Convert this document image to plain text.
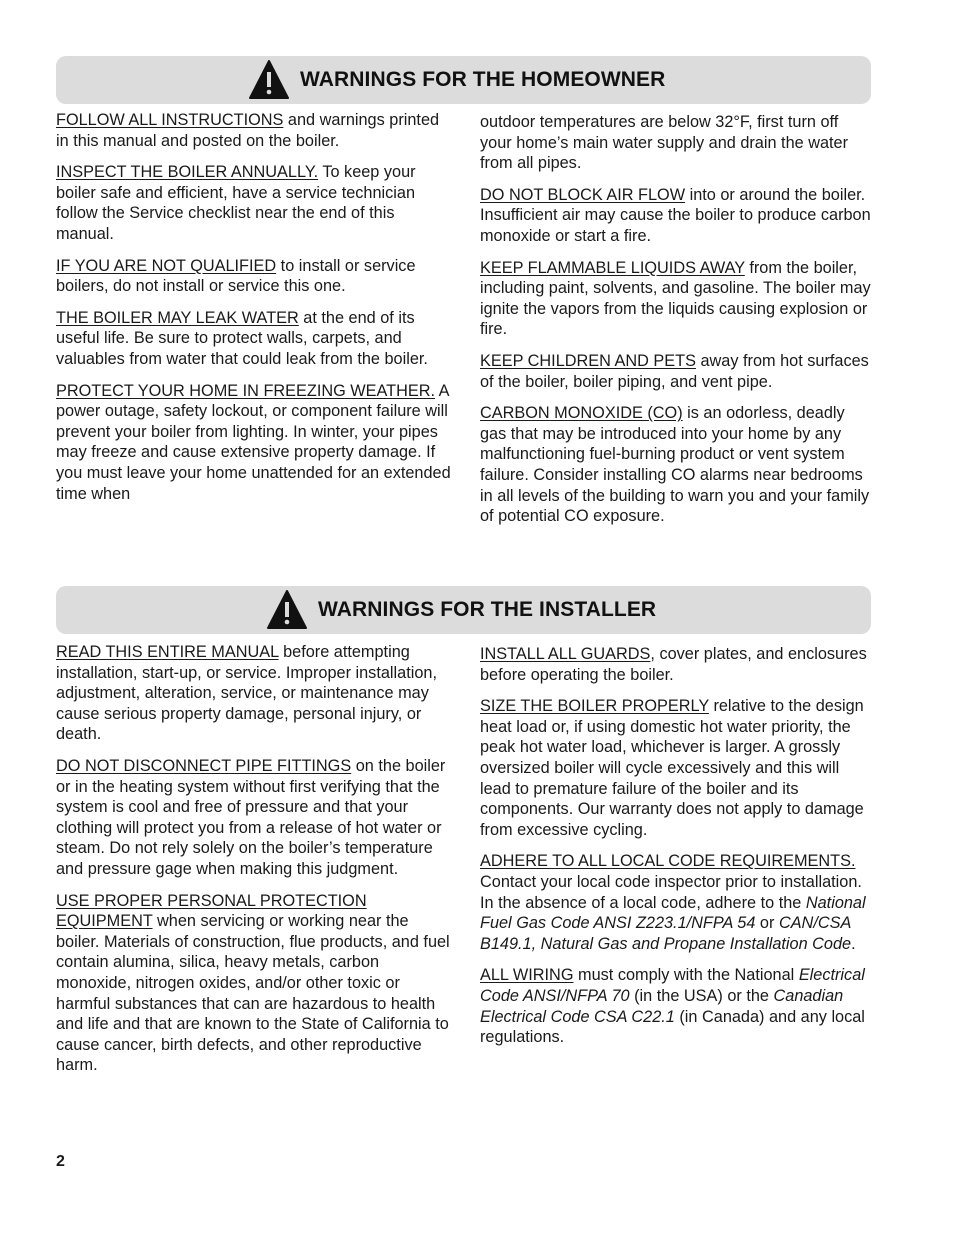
WARNINGS FOR THE HOMEOWNER

FOLLOW ALL INSTRUCTIONS and warnings printed in this manual and posted on the boiler.

INSPECT THE BOILER ANNUALLY. To keep your boiler safe and efficient, have a service technician follow the Service checklist near the end of this manual.

IF YOU ARE NOT QUALIFIED to install or service boilers, do not install or service this one.

THE BOILER MAY LEAK WATER at the end of its useful life. Be sure to protect walls, carpets, and valuables from water that could leak from the boiler.

PROTECT YOUR HOME IN FREEZING WEATHER. A power outage, safety lockout, or component failure will prevent your boiler from lighting. In winter, your pipes may freeze and cause extensive property damage. If you must leave your home unattended for an extended time when

outdoor temperatures are below 32°F, first turn off your home’s main water supply and drain the water from all pipes.

DO NOT BLOCK AIR FLOW into or around the boiler. Insufficient air may cause the boiler to produce carbon monoxide or start a fire.

KEEP FLAMMABLE LIQUIDS AWAY from the boiler, including paint, solvents, and gasoline. The boiler may ignite the vapors from the liquids causing explosion or fire.

KEEP CHILDREN AND PETS away from hot surfaces of the boiler, boiler piping, and vent pipe.

CARBON MONOXIDE (CO) is an odorless, deadly gas that may be introduced into your home by any malfunctioning fuel-burning product or vent system failure. Consider installing CO alarms near bedrooms in all levels of the building to warn you and your family of potential CO exposure.

WARNINGS FOR THE INSTALLER

READ THIS ENTIRE MANUAL before attempting installation, start-up, or service. Improper installation, adjustment, alteration, service, or maintenance may cause serious property damage, personal injury, or death.

DO NOT DISCONNECT PIPE FITTINGS on the boiler or in the heating system without first verifying that the system is cool and free of pressure and that your clothing will protect you from a release of hot water or steam. Do not rely solely on the boiler’s temperature and pressure gage when making this judgment.

USE PROPER PERSONAL PROTECTION EQUIPMENT when servicing or working near the boiler. Materials of construction, flue products, and fuel contain alumina, silica, heavy metals, carbon monoxide, nitrogen oxides, and/or other toxic or harmful substances that can are hazardous to health and life and that are known to the State of California to cause cancer, birth defects, and other reproductive harm.

INSTALL ALL GUARDS, cover plates, and enclosures before operating the boiler.

SIZE THE BOILER PROPERLY relative to the design heat load or, if using domestic hot water priority, the peak hot water load, whichever is larger. A grossly oversized boiler will cycle excessively and this will lead to premature failure of the boiler and its components. Our warranty does not apply to damage from excessive cycling.

ADHERE TO ALL LOCAL CODE REQUIREMENTS. Contact your local code inspector prior to installation. In the absence of a local code, adhere to the National Fuel Gas Code ANSI Z223.1/NFPA 54 or CAN/CSA B149.1, Natural Gas and Propane Installation Code.

ALL WIRING must comply with the National Electrical Code ANSI/NFPA 70 (in the USA) or the Canadian Electrical Code CSA C22.1 (in Canada) and any local regulations.

2
